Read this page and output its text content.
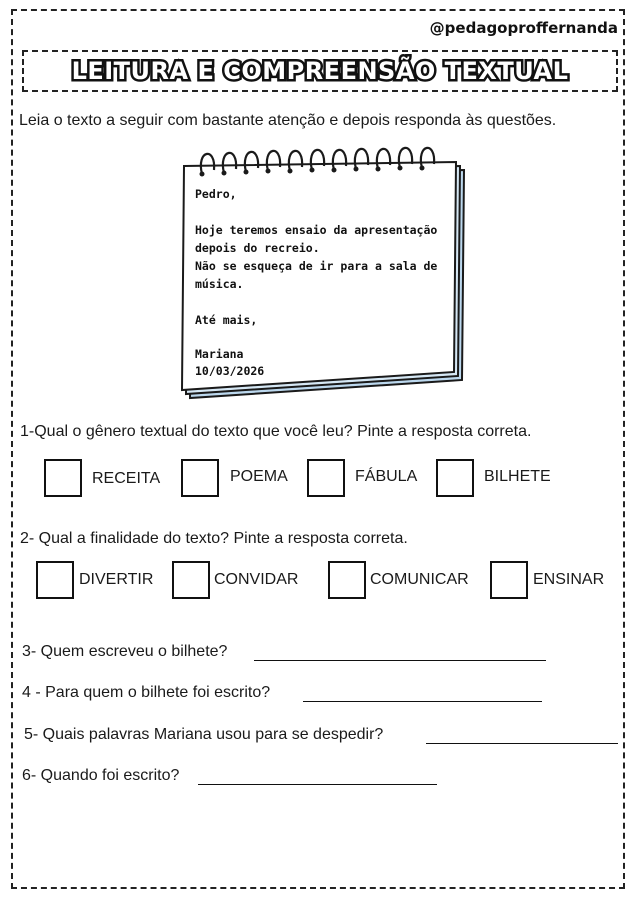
@pedagoproffernanda
LEITURA E COMPREENSÃO TEXTUAL
Leia o texto a seguir com bastante atenção e depois responda às questões.
Pedro,
Hoje teremos ensaio da apresentação
depois do recreio.
Não se esqueça de ir para a sala de
música.
Até mais,
Mariana
10/03/2026
1-Qual o gênero textual do texto que você leu? Pinte a resposta correta.
RECEITA	POEMA	FÁBULA	BILHETE
2- Qual a finalidade do texto? Pinte a resposta correta.
DIVERTIR	CONVIDAR	COMUNICAR	ENSINAR
3- Quem escreveu o bilhete?
4 - Para quem o bilhete foi escrito?
5- Quais palavras Mariana usou para se despedir?
6- Quando foi escrito?
